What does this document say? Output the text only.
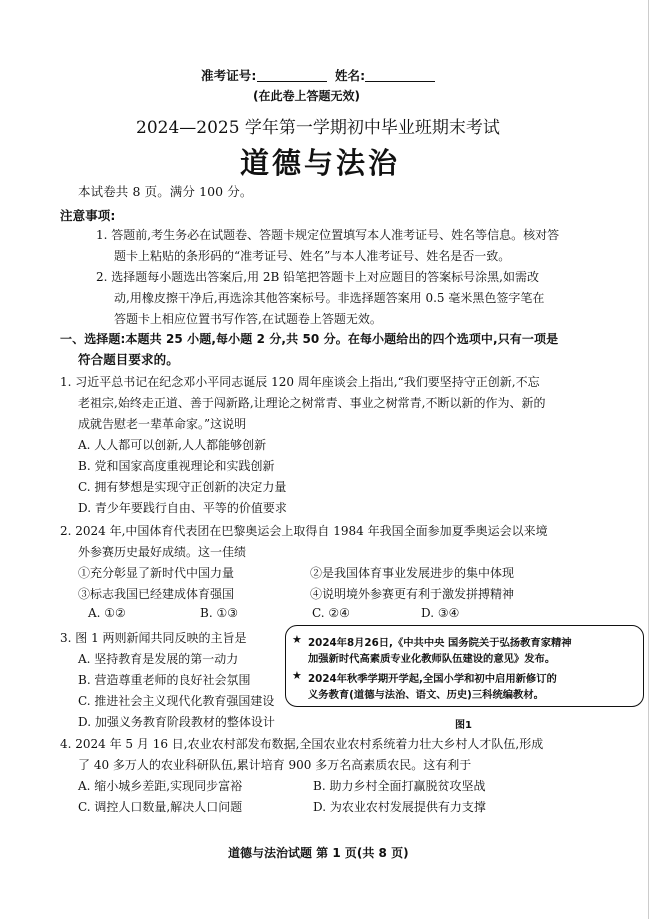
准考证号:	姓名:
(在此卷上答题无效)
2024—2025 学年第一学期初中毕业班期末考试
道德与法治
本试卷共 8 页。满分 100 分。
注意事项:
1. 答题前,考生务必在试题卷、答题卡规定位置填写本人准考证号、姓名等信息。核对答
题卡上粘贴的条形码的“准考证号、姓名”与本人准考证号、姓名是否一致。
2. 选择题每小题选出答案后,用 2B 铅笔把答题卡上对应题目的答案标号涂黑,如需改
动,用橡皮擦干净后,再选涂其他答案标号。非选择题答案用 0.5 毫米黑色签字笔在
答题卡上相应位置书写作答,在试题卷上答题无效。
一、选择题:本题共 25 小题,每小题 2 分,共 50 分。在每小题给出的四个选项中,只有一项是
符合题目要求的。
1. 习近平总书记在纪念邓小平同志诞辰 120 周年座谈会上指出,“我们要坚持守正创新,不忘
老祖宗,始终走正道、善于闯新路,让理论之树常青、事业之树常青,不断以新的作为、新的
成就告慰老一辈革命家。”这说明
A. 人人都可以创新,人人都能够创新
B. 党和国家高度重视理论和实践创新
C. 拥有梦想是实现守正创新的决定力量
D. 青少年要践行自由、平等的价值要求
2. 2024 年,中国体育代表团在巴黎奥运会上取得自 1984 年我国全面参加夏季奥运会以来境
外参赛历史最好成绩。这一佳绩
①充分彰显了新时代中国力量	②是我国体育事业发展进步的集中体现
③标志我国已经建成体育强国	④说明境外参赛更有利于激发拼搏精神
A. ①②	B. ①③	C. ②④	D. ③④
3. 图 1 两则新闻共同反映的主旨是
A. 坚持教育是发展的第一动力
B. 营造尊重老师的良好社会氛围
C. 推进社会主义现代化教育强国建设
D. 加强义务教育阶段教材的整体设计
★ 2024年8月26日,《中共中央 国务院关于弘扬教育家精神
加强新时代高素质专业化教师队伍建设的意见》发布。
★ 2024年秋季学期开学起,全国小学和初中启用新修订的
义务教育(道德与法治、语文、历史)三科统编教材。
图1
4. 2024 年 5 月 16 日,农业农村部发布数据,全国农业农村系统着力壮大乡村人才队伍,形成
了 40 多万人的农业科研队伍,累计培育 900 多万名高素质农民。这有利于
A. 缩小城乡差距,实现同步富裕	B. 助力乡村全面打赢脱贫攻坚战
C. 调控人口数量,解决人口问题	D. 为农业农村发展提供有力支撑
道德与法治试题 第 1 页(共 8 页)
